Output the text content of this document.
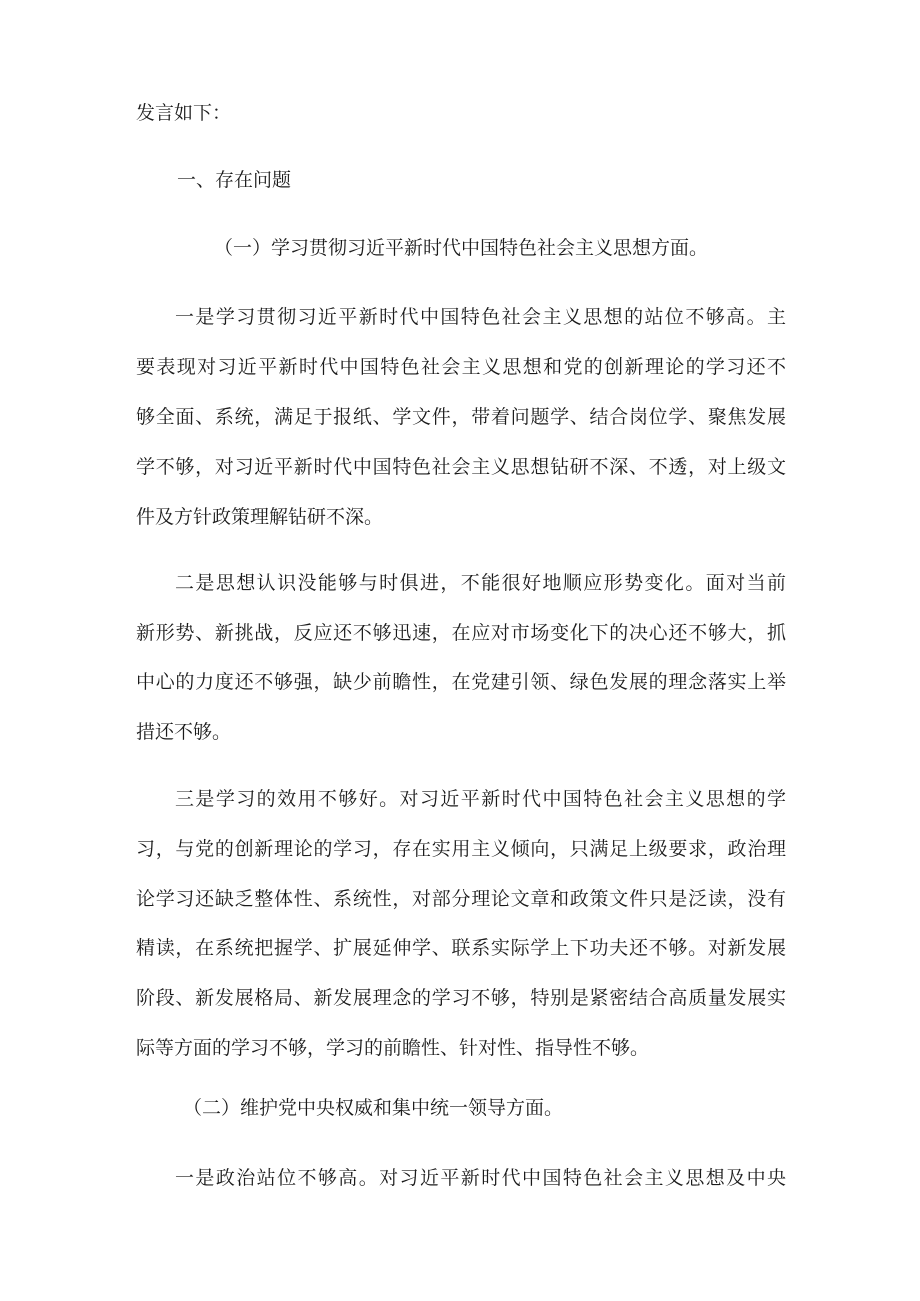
发言如下：
一、存在问题
（一）学习贯彻习近平新时代中国特色社会主义思想方面。
一是学习贯彻习近平新时代中国特色社会主义思想的站位不够高。主
要表现对习近平新时代中国特色社会主义思想和党的创新理论的学习还不
够全面、系统，满足于报纸、学文件，带着问题学、结合岗位学、聚焦发展
学不够，对习近平新时代中国特色社会主义思想钻研不深、不透，对上级文
件及方针政策理解钻研不深。
二是思想认识没能够与时俱进，不能很好地顺应形势变化。面对当前
新形势、新挑战，反应还不够迅速，在应对市场变化下的决心还不够大，抓
中心的力度还不够强，缺少前瞻性，在党建引领、绿色发展的理念落实上举
措还不够。
三是学习的效用不够好。对习近平新时代中国特色社会主义思想的学
习，与党的创新理论的学习，存在实用主义倾向，只满足上级要求，政治理
论学习还缺乏整体性、系统性，对部分理论文章和政策文件只是泛读，没有
精读，在系统把握学、扩展延伸学、联系实际学上下功夫还不够。对新发展
阶段、新发展格局、新发展理念的学习不够，特别是紧密结合高质量发展实
际等方面的学习不够，学习的前瞻性、针对性、指导性不够。
（二）维护党中央权威和集中统一领导方面。
一是政治站位不够高。对习近平新时代中国特色社会主义思想及中央
